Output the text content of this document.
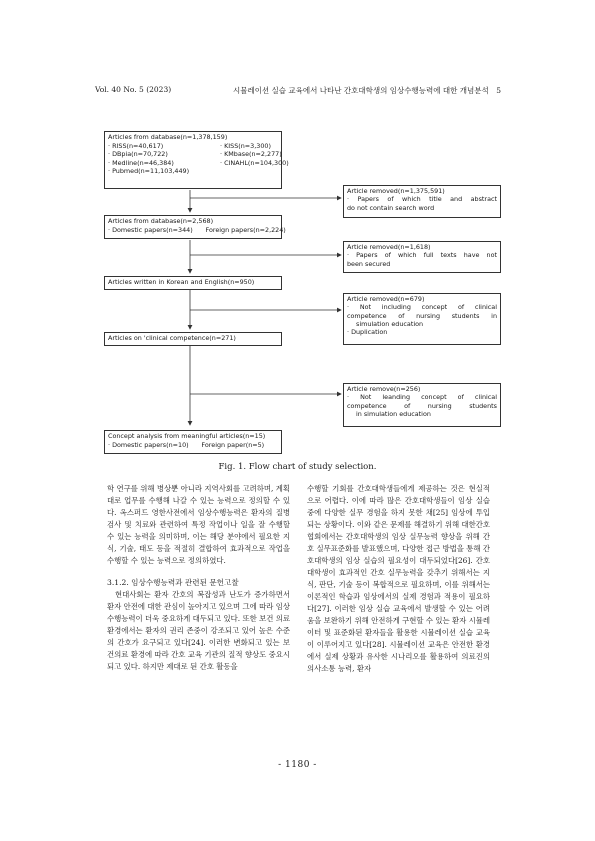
Vol. 40 No. 5 (2023)	시뮬레이션 실습 교육에서 나타난 간호대학생의 임상수행능력에 대한 개념분석　5
Articles from database(n=1,378,159)
· RISS(n=40,617)	· KISS(n=3,300)
· DBpia(n=70,722)	· KMbase(n=2,277)
· Medline(n=46,384)	· CINAHL(n=104,300)
· Pubmed(n=11,103,449)
Article removed(n=1,375,591)
· Papers of which title and abstract
do not contain search word
Articles from database(n=2,568)
· Domestic papers(n=344)　　Foreign papers(n=2,224)
Article removed(n=1,618)
· Papers of which full texts have not
been secured
Articles written in Korean and English(n=950)
Article removed(n=679)
· Not including concept of clinical
competence of nursing students in
simulation education
· Duplication
Articles on 'clinical competence(n=271)
Article remove(n=256)
· Not leanding concept of clinical
competence of nursing students
in simulation education
Concept analysis from meaningful articles(n=15)
· Domestic papers(n=10)　　Foreign paper(n=5)
Fig. 1. Flow chart of study selection.

학 연구를 위해 병상뿐 아니라 지역사회를 고려하며, 계획대로 업무를 수행해 나갈 수 있는 능력으로 정의할 수 있다. 옥스퍼드 영한사전에서 임상수행능력은 환자의 질병 검사 및 치료와 관련하여 특정 작업이나 일을 잘 수행할 수 있는 능력을 의미하며, 이는 해당 분야에서 필요한 지식, 기술, 태도 등을 적절히 결합하여 효과적으로 작업을 수행할 수 있는 능력으로 정의하였다.

3.1.2. 임상수행능력과 관련된 문헌고찰

현대사회는 환자 간호의 복잡성과 난도가 증가하면서 환자 안전에 대한 관심이 높아지고 있으며 그에 따라 임상수행능력이 더욱 중요하게 대두되고 있다. 또한 보건 의료 환경에서는 환자의 권리 존중이 강조되고 있어 높은 수준의 간호가 요구되고 있다[24]. 이러한 변화되고 있는 보건의료 환경에 따라 간호 교육 기관의 질적 향상도 중요시되고 있다. 하지만 제대로 된 간호 활동을

수행할 기회를 간호대학생들에게 제공하는 것은 현실적으로 어렵다. 이에 따라 많은 간호대학생들이 임상 실습 중에 다양한 실무 경험을 하지 못한 채[25] 임상에 투입되는 상황이다. 이와 같은 문제를 해결하기 위해 대한간호협회에서는 간호대학생의 임상 실무능력 향상을 위해 간호 실무표준화를 발표했으며, 다양한 접근 방법을 통해 간호대학생의 임상 실습의 필요성이 대두되었다[26]. 간호대학생이 효과적인 간호 실무능력을 갖추기 위해서는 지식, 판단, 기술 등이 복합적으로 필요하며, 이를 위해서는 이론적인 학습과 임상에서의 실제 경험과 적용이 필요하다[27]. 이러한 임상 실습 교육에서 발생할 수 있는 어려움을 보완하기 위해 안전하게 구현할 수 있는 환자 시뮬레이터 및 표준화된 환자들을 활용한 시뮬레이션 실습 교육이 이루어지고 있다[28]. 시뮬레이션 교육은 안전한 환경에서 실제 상황과 유사한 시나리오를 활용하여 의료진의 의사소통 능력, 환자

- 1180 -
